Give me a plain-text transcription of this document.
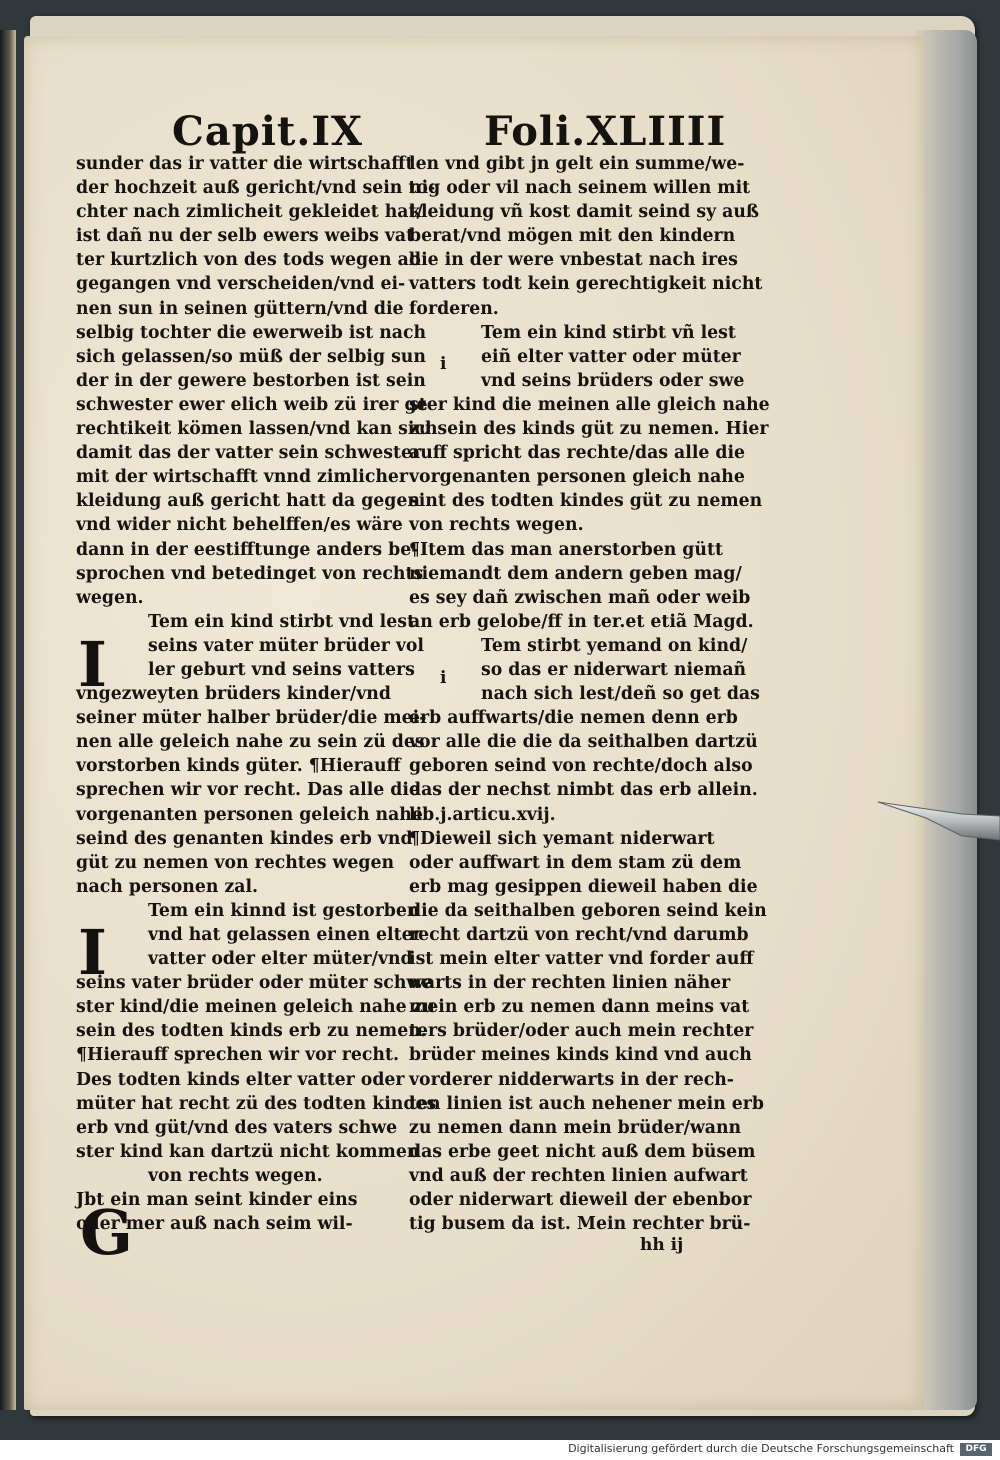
Capit.IX	Foli.XLIIII
sunder das ir vatter die wirtschafft
der hochzeit auß gericht/vnd sein to-
chter nach zimlicheit gekleidet hat/
ist dañ nu der selb ewers weibs vat
ter kurtzlich von des tods wegen ab
gegangen vnd verscheiden/vnd ei-
nen sun in seinen güttern/vnd die
selbig tochter die ewerweib ist nach
sich gelassen/so müß der selbig sun
der in der gewere bestorben ist sein
schwester ewer elich weib zü irer ge
rechtikeit kömen lassen/vnd kan sich
damit das der vatter sein schwester
mit der wirtschafft vnnd zimlicher
kleidung auß gericht hatt da gegen
vnd wider nicht behelffen/es wäre
dann in der eestifftunge anders be-
sprochen vnd betedinget von rechts
wegen.
Tem ein kind stirbt vnd lest
seins vater müter brüder vol
ler geburt vnd seins vatters
vngezweyten brüders kinder/vnd
seiner müter halber brüder/die mei-
nen alle geleich nahe zu sein zü des
vorstorben kinds güter. ¶Hierauff
sprechen wir vor recht. Das alle die
vorgenanten personen geleich nahe
seind des genanten kindes erb vnd
güt zu nemen von rechtes wegen
nach personen zal.
Tem ein kinnd ist gestorben
vnd hat gelassen einen elter
vatter oder elter müter/vnd
seins vater brüder oder müter schwe
ster kind/die meinen geleich nahe zu
sein des todten kinds erb zu nemen.
¶Hierauff sprechen wir vor recht.
Des todten kinds elter vatter oder
müter hat recht zü des todten kindes
erb vnd güt/vnd des vaters schwe
ster kind kan dartzü nicht kommen
von rechts wegen.
Jbt ein man seint kinder eins
oder mer auß nach seim wil-
len vnd gibt jn gelt ein summe/we-
nig oder vil nach seinem willen mit
kleidung vñ kost damit seind sy auß
berat/vnd mögen mit den kindern
die in der were vnbestat nach ires
vatters todt kein gerechtigkeit nicht
forderen.
Tem ein kind stirbt vñ lest
eiñ elter vatter oder müter
vnd seins brüders oder swe
ster kind die meinen alle gleich nahe
zu sein des kinds güt zu nemen. Hier
auff spricht das rechte/das alle die
vorgenanten personen gleich nahe
sint des todten kindes güt zu nemen
von rechts wegen.
¶Item das man anerstorben gütt
niemandt dem andern geben mag/
es sey dañ zwischen mañ oder weib
an erb gelobe/ff in ter.et etiã Magd.
Tem stirbt yemand on kind/
so das er niderwart niemañ
nach sich lest/deñ so get das
erb auffwarts/die nemen denn erb
vor alle die die da seithalben dartzü
geboren seind von rechte/doch also
das der nechst nimbt das erb allein.
lib.j.articu.xvij.
¶Dieweil sich yemant niderwart
oder auffwart in dem stam zü dem
erb mag gesippen dieweil haben die
die da seithalben geboren seind kein
recht dartzü von recht/vnd darumb
ist mein elter vatter vnd forder auff
warts in der rechten linien näher
mein erb zu nemen dann meins vat
ters brüder/oder auch mein rechter
brüder meines kinds kind vnd auch
vorderer nidderwarts in der rech-
ten linien ist auch nehener mein erb
zu nemen dann mein brüder/wann
das erbe geet nicht auß dem büsem
vnd auß der rechten linien aufwart
oder niderwart dieweil der ebenbor
tig busem da ist. Mein rechter brü-
I
I
G
i
i
hh ij

Digitalisierung gefördert durch die Deutsche Forschungsgemeinschaft	DFG
